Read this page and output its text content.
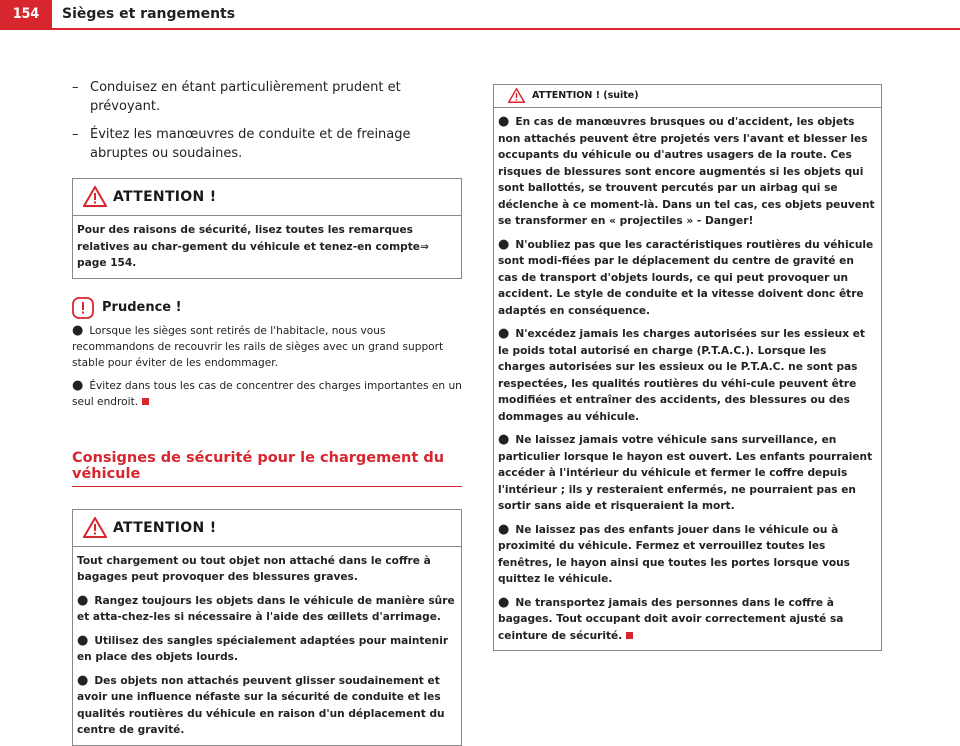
154	Sièges et rangements
– Conduisez en étant particulièrement prudent et prévoyant.
– Évitez les manœuvres de conduite et de freinage abruptes ou soudaines.
ATTENTION !

Pour des raisons de sécurité, lisez toutes les remarques relatives au char-gement du véhicule et tenez-en compte⇒ page 154.

Prudence !

● Lorsque les sièges sont retirés de l'habitacle, nous vous recommandons de recouvrir les rails de sièges avec un grand support stable pour éviter de les endommager.

● Évitez dans tous les cas de concentrer des charges importantes en un seul endroit.

Consignes de sécurité pour le chargement du véhicule
ATTENTION !

Tout chargement ou tout objet non attaché dans le coffre à bagages peut provoquer des blessures graves.

● Rangez toujours les objets dans le véhicule de manière sûre et atta-chez-les si nécessaire à l'aide des œillets d'arrimage.

● Utilisez des sangles spécialement adaptées pour maintenir en place des objets lourds.

● Des objets non attachés peuvent glisser soudainement et avoir une influence néfaste sur la sécurité de conduite et les qualités routières du véhicule en raison d'un déplacement du centre de gravité.

ATTENTION ! (suite)

● En cas de manœuvres brusques ou d'accident, les objets non attachés peuvent être projetés vers l'avant et blesser les occupants du véhicule ou d'autres usagers de la route. Ces risques de blessures sont encore augmentés si les objets qui sont ballottés, se trouvent percutés par un airbag qui se déclenche à ce moment-là. Dans un tel cas, ces objets peuvent se transformer en « projectiles » - Danger!

● N'oubliez pas que les caractéristiques routières du véhicule sont modi-fiées par le déplacement du centre de gravité en cas de transport d'objets lourds, ce qui peut provoquer un accident. Le style de conduite et la vitesse doivent donc être adaptés en conséquence.

● N'excédez jamais les charges autorisées sur les essieux et le poids total autorisé en charge (P.T.A.C.). Lorsque les charges autorisées sur les essieux ou le P.T.A.C. ne sont pas respectées, les qualités routières du véhi-cule peuvent être modifiées et entraîner des accidents, des blessures ou des dommages au véhicule.

● Ne laissez jamais votre véhicule sans surveillance, en particulier lorsque le hayon est ouvert. Les enfants pourraient accéder à l'intérieur du véhicule et fermer le coffre depuis l'intérieur ; ils y resteraient enfermés, ne pourraient pas en sortir sans aide et risqueraient la mort.

● Ne laissez pas des enfants jouer dans le véhicule ou à proximité du véhicule. Fermez et verrouillez toutes les fenêtres, le hayon ainsi que toutes les portes lorsque vous quittez le véhicule.

● Ne transportez jamais des personnes dans le coffre à bagages. Tout occupant doit avoir correctement ajusté sa ceinture de sécurité.
